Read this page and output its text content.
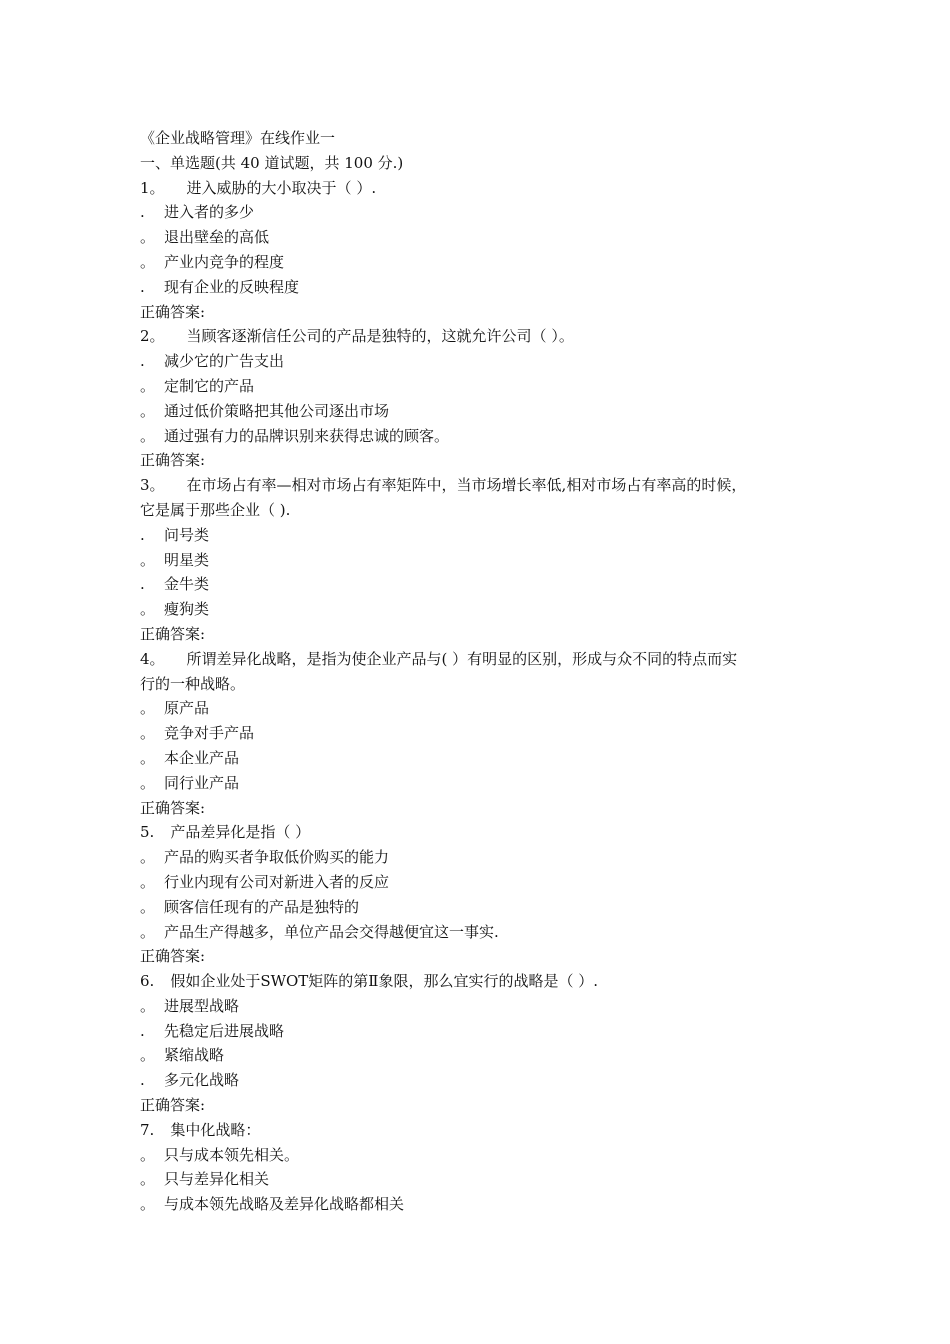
《企业战略管理》在线作业一
一、单选题(共 40 道试题，共 100 分.)
1。 进入威胁的大小取决于（ ）.
. 进入者的多少
。 退出壁垒的高低
。 产业内竞争的程度
. 现有企业的反映程度
正确答案:
2。 当顾客逐渐信任公司的产品是独特的，这就允许公司（ ）。
. 减少它的广告支出
。 定制它的产品
。 通过低价策略把其他公司逐出市场
。 通过强有力的品牌识别来获得忠诚的顾客。
正确答案:
3。 在市场占有率—相对市场占有率矩阵中，当市场增长率低,相对市场占有率高的时候，
它是属于那些企业（ ).
. 问号类
。 明星类
. 金牛类
。 瘦狗类
正确答案:
4。 所谓差异化战略，是指为使企业产品与( ）有明显的区别，形成与众不同的特点而实
行的一种战略。
。 原产品
。 竞争对手产品
。 本企业产品
。 同行业产品
正确答案:
5. 产品差异化是指（ ）
。 产品的购买者争取低价购买的能力
。 行业内现有公司对新进入者的反应
。 顾客信任现有的产品是独特的
。 产品生产得越多，单位产品会交得越便宜这一事实.
正确答案:
6. 假如企业处于SWOT矩阵的第Ⅱ象限，那么宜实行的战略是（ ）.
。 进展型战略
. 先稳定后进展战略
。 紧缩战略
. 多元化战略
正确答案:
7. 集中化战略：
。 只与成本领先相关。
。 只与差异化相关
。 与成本领先战略及差异化战略都相关
